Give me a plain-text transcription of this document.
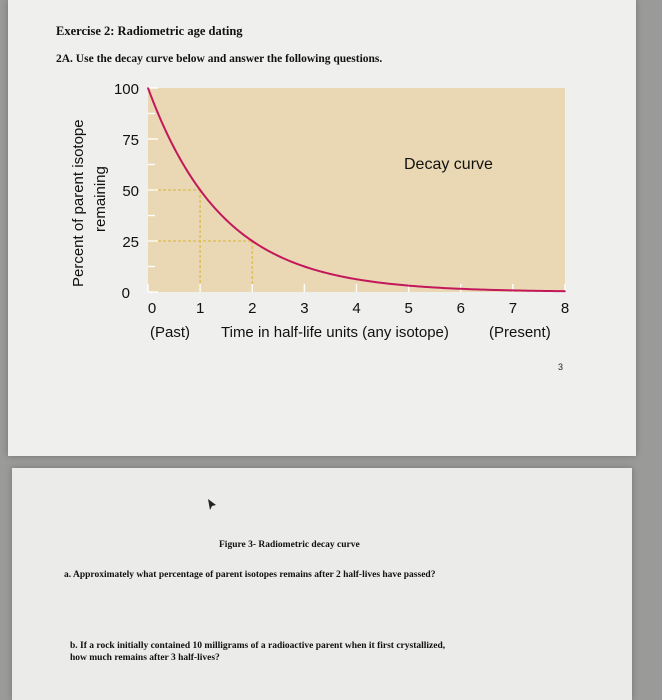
Exercise 2: Radiometric age dating
2A. Use the decay curve below and answer the following questions.
0
25
50
75
100
0	1	2	3	4	5	6	7	8
Decay curve
Time in half-life units (any isotope)
(Past)	(Present)
Percent of parent isotope remaining
3
Figure 3- Radiometric decay curve
a. Approximately what percentage of parent isotopes remains after 2 half-lives have passed?
b. If a rock initially contained 10 milligrams of a radioactive parent when it first crystallized,
how much remains after 3 half-lives?
